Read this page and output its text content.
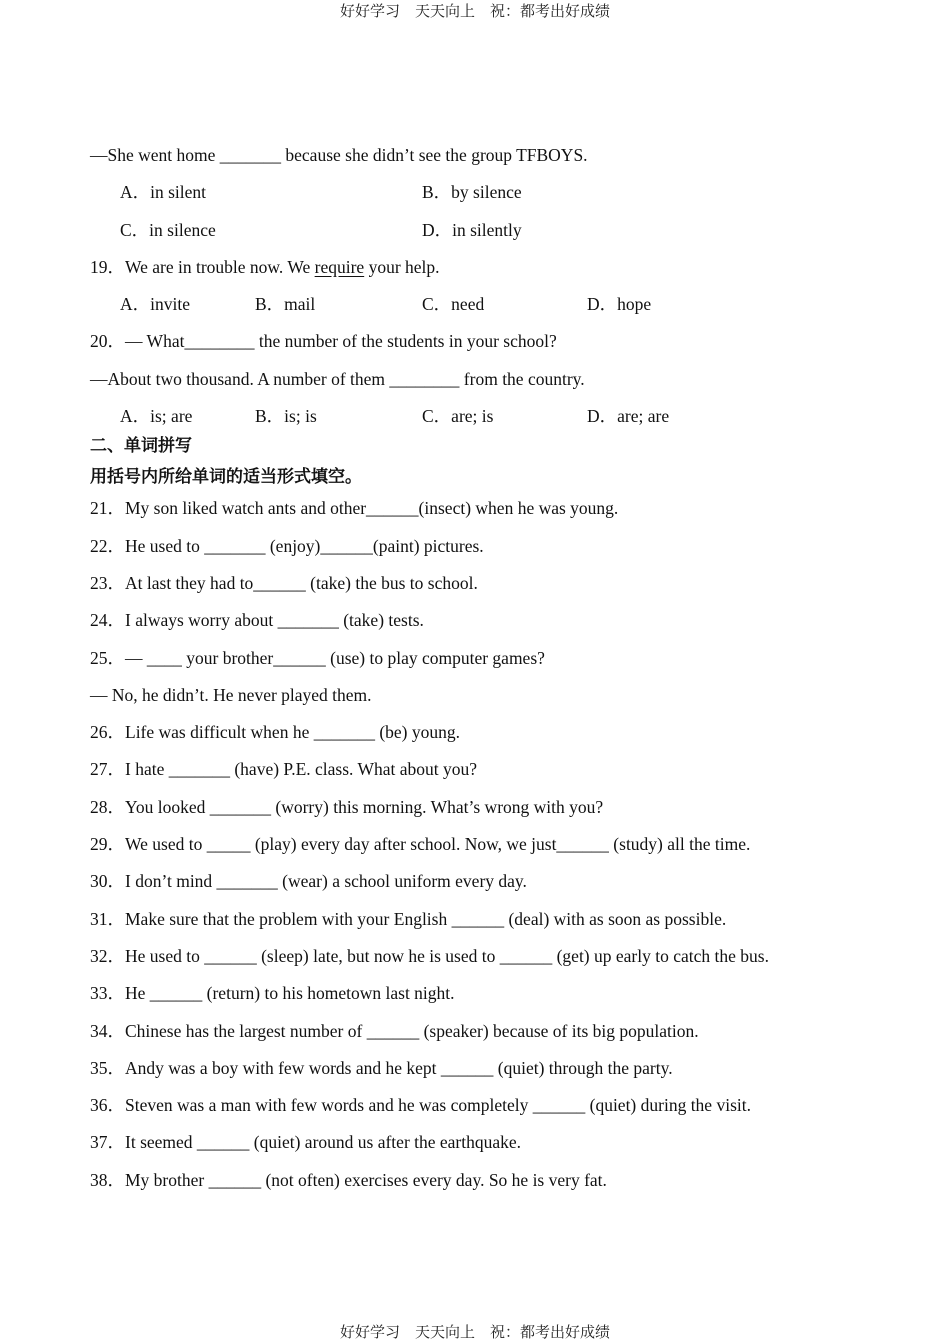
好好学习　天天向上　祝：都考出好成绩
—She went home _______ because she didn’t see the group TFBOYS.
A．in silent	B．by silence
C．in silence	D．in silently
19．We are in trouble now. We require your help.
A．invite	B．mail	C．need	D．hope
20．— What________ the number of the students in your school?
—About two thousand. A number of them ________ from the country.
A．is; are	B．is; is	C．are; is	D．are; are
二、单词拼写
用括号内所给单词的适当形式填空。
21．My son liked watch ants and other______(insect) when he was young.
22．He used to _______ (enjoy)______(paint) pictures.
23．At last they had to______ (take) the bus to school.
24．I always worry about _______ (take) tests.
25．— ____ your brother______ (use) to play computer games?
— No, he didn’t. He never played them.
26．Life was difficult when he _______ (be) young.
27．I hate _______ (have) P.E. class. What about you?
28．You looked _______ (worry) this morning. What’s wrong with you?
29．We used to _____ (play) every day after school. Now, we just______ (study) all the time.
30．I don’t mind _______ (wear) a school uniform every day.
31．Make sure that the problem with your English ______ (deal) with as soon as possible.
32．He used to ______ (sleep) late, but now he is used to ______ (get) up early to catch the bus.
33．He ______ (return) to his hometown last night.
34．Chinese has the largest number of ______ (speaker) because of its big population.
35．Andy was a boy with few words and he kept ______ (quiet) through the party.
36．Steven was a man with few words and he was completely ______ (quiet) during the visit.
37．It seemed ______ (quiet) around us after the earthquake.
38．My brother ______ (not often) exercises every day. So he is very fat.
好好学习　天天向上　祝：都考出好成绩
